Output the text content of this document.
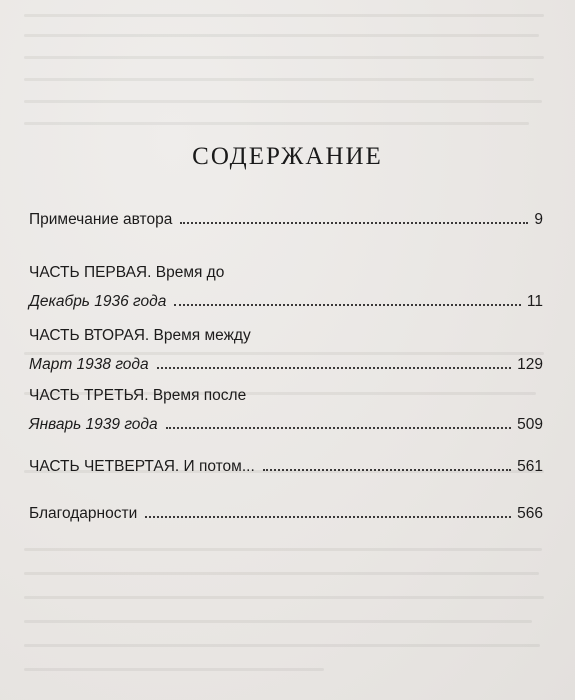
СОДЕРЖАНИЕ
Примечание автора	9
ЧАСТЬ ПЕРВАЯ. Время до
Декабрь 1936 года	11
ЧАСТЬ ВТОРАЯ. Время между
Март 1938 года	129
ЧАСТЬ ТРЕТЬЯ. Время после
Январь 1939 года	509
ЧАСТЬ ЧЕТВЕРТАЯ. И потом...	561
Благодарности	566
